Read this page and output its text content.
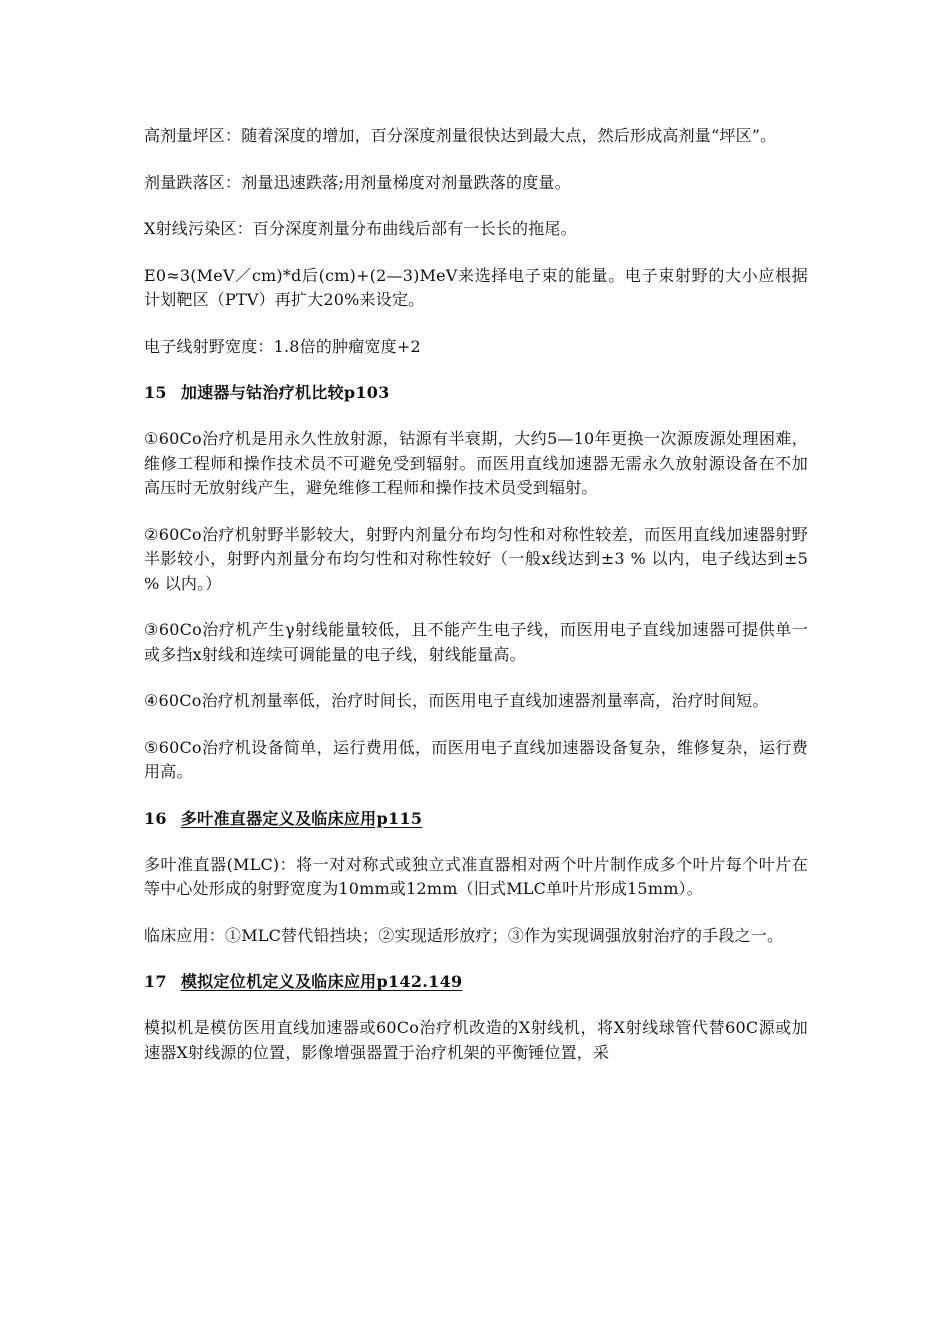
高剂量坪区：随着深度的增加，百分深度剂量很快达到最大点，然后形成高剂量“坪区”。

剂量跌落区：剂量迅速跌落;用剂量梯度对剂量跌落的度量。

X射线污染区：百分深度剂量分布曲线后部有一长长的拖尾。

E0≈3(MeV／cm)*d后(cm)+(2—3)MeV来选择电子束的能量。电子束射野的大小应根据计划靶区（PTV）再扩大20%来设定。

电子线射野宽度：1.8倍的肿瘤宽度+2

15 加速器与钴治疗机比较p103

①60Co治疗机是用永久性放射源，钴源有半衰期，大约5—10年更换一次源废源处理困难，维修工程师和操作技术员不可避免受到辐射。而医用直线加速器无需永久放射源设备在不加高压时无放射线产生，避免维修工程师和操作技术员受到辐射。

②60Co治疗机射野半影较大，射野内剂量分布均匀性和对称性较差，而医用直线加速器射野半影较小，射野内剂量分布均匀性和对称性较好（一般x线达到±3 % 以内，电子线达到±5 % 以内。）

③60Co治疗机产生γ射线能量较低，且不能产生电子线，而医用电子直线加速器可提供单一或多挡x射线和连续可调能量的电子线，射线能量高。

④60Co治疗机剂量率低，治疗时间长，而医用电子直线加速器剂量率高，治疗时间短。

⑤60Co治疗机设备简单，运行费用低，而医用电子直线加速器设备复杂，维修复杂，运行费用高。

16 多叶准直器定义及临床应用p115

多叶准直器(MLC)：将一对对称式或独立式准直器相对两个叶片制作成多个叶片每个叶片在等中心处形成的射野宽度为10mm或12mm（旧式MLC单叶片形成15mm）。

临床应用：①MLC替代铅挡块；②实现适形放疗；③作为实现调强放射治疗的手段之一。

17 模拟定位机定义及临床应用p142.149

模拟机是模仿医用直线加速器或60Co治疗机改造的X射线机，将X射线球管代替60C源或加速器X射线源的位置，影像增强器置于治疗机架的平衡锤位置，采
